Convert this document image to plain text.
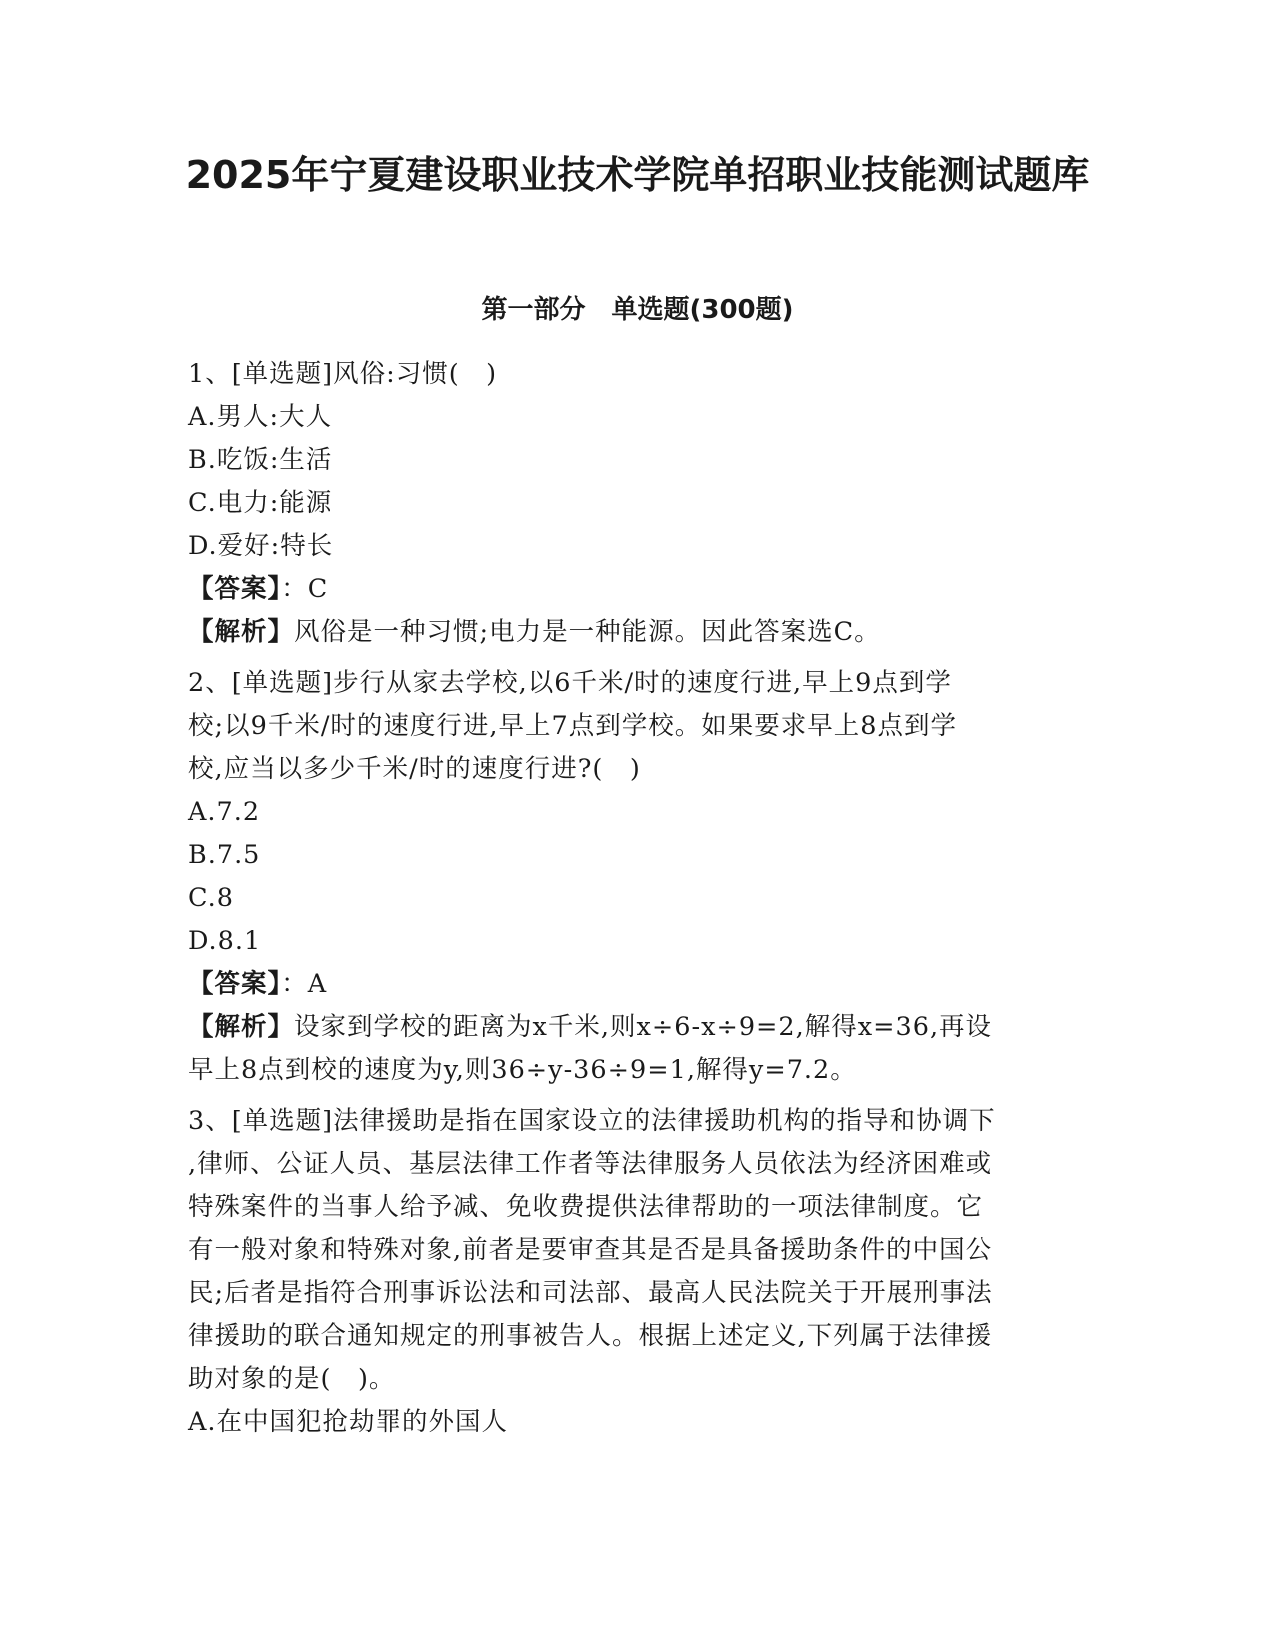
2025年宁夏建设职业技术学院单招职业技能测试题库
第一部分　单选题(300题)
1、[单选题]风俗:习惯(　)
A.男人:大人
B.吃饭:生活
C.电力:能源
D.爱好:特长
【答案】：C
【解析】风俗是一种习惯;电力是一种能源。因此答案选C。
2、[单选题]步行从家去学校,以6千米/时的速度行进,早上9点到学
校;以9千米/时的速度行进,早上7点到学校。如果要求早上8点到学
校,应当以多少千米/时的速度行进?(　)
A.7.2
B.7.5
C.8
D.8.1
【答案】：A
【解析】设家到学校的距离为x千米,则x÷6-x÷9=2,解得x=36,再设
早上8点到校的速度为y,则36÷y-36÷9=1,解得y=7.2。
3、[单选题]法律援助是指在国家设立的法律援助机构的指导和协调下
,律师、公证人员、基层法律工作者等法律服务人员依法为经济困难或
特殊案件的当事人给予减、免收费提供法律帮助的一项法律制度。它
有一般对象和特殊对象,前者是要审查其是否是具备援助条件的中国公
民;后者是指符合刑事诉讼法和司法部、最高人民法院关于开展刑事法
律援助的联合通知规定的刑事被告人。根据上述定义,下列属于法律援
助对象的是(　)。
A.在中国犯抢劫罪的外国人
